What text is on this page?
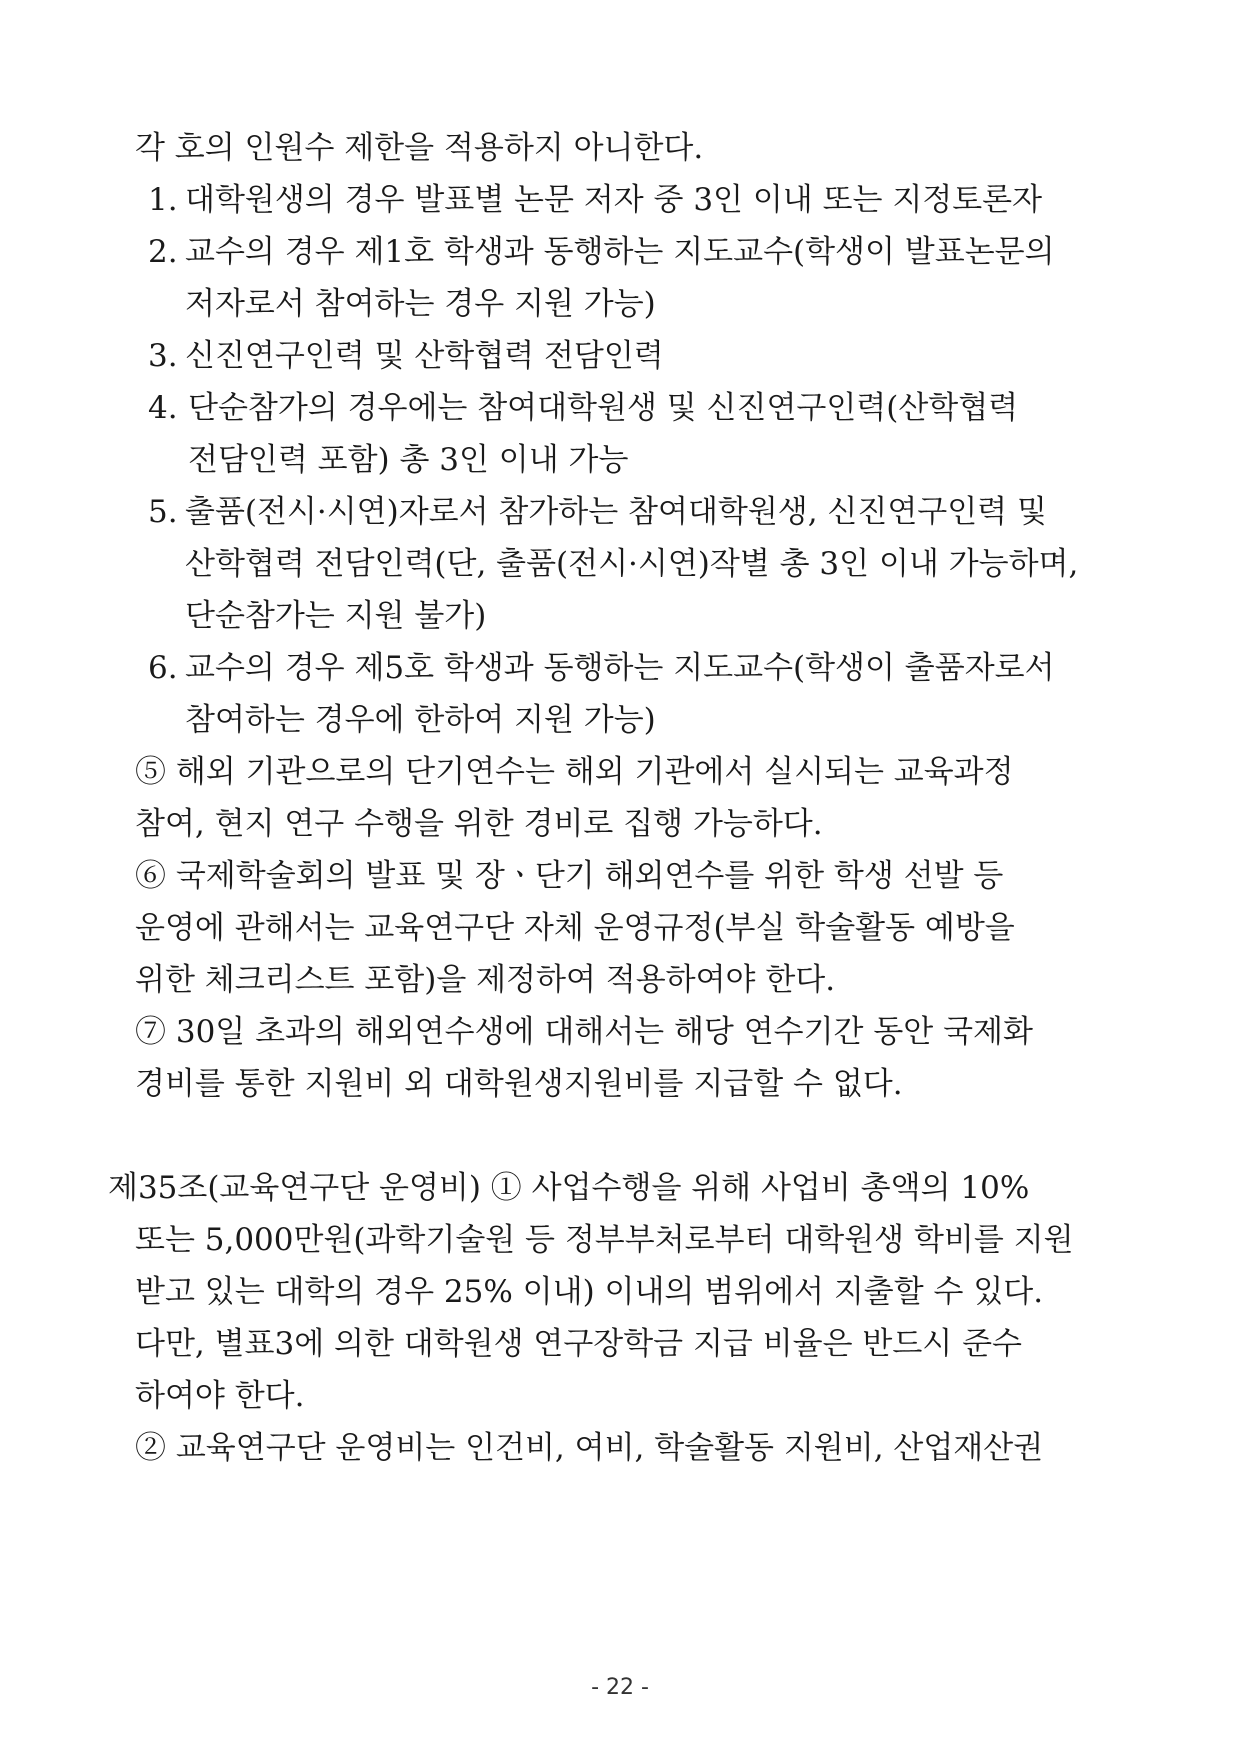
각 호의 인원수 제한을 적용하지 아니한다.
1. 대학원생의 경우 발표별 논문 저자 중 3인 이내 또는 지정토론자
2. 교수의 경우 제1호 학생과 동행하는 지도교수(학생이 발표논문의
저자로서 참여하는 경우 지원 가능)
3. 신진연구인력 및 산학협력 전담인력
4. 단순참가의 경우에는 참여대학원생 및 신진연구인력(산학협력
전담인력 포함) 총 3인 이내 가능
5. 출품(전시·시연)자로서 참가하는 참여대학원생, 신진연구인력 및
산학협력 전담인력(단, 출품(전시·시연)작별 총 3인 이내 가능하며,
단순참가는 지원 불가)
6. 교수의 경우 제5호 학생과 동행하는 지도교수(학생이 출품자로서
참여하는 경우에 한하여 지원 가능)
⑤ 해외 기관으로의 단기연수는 해외 기관에서 실시되는 교육과정
참여, 현지 연구 수행을 위한 경비로 집행 가능하다.
⑥ 국제학술회의 발표 및 장ㆍ단기 해외연수를 위한 학생 선발 등
운영에 관해서는 교육연구단 자체 운영규정(부실 학술활동 예방을
위한 체크리스트 포함)을 제정하여 적용하여야 한다.
⑦ 30일 초과의 해외연수생에 대해서는 해당 연수기간 동안 국제화
경비를 통한 지원비 외 대학원생지원비를 지급할 수 없다.
제35조(교육연구단 운영비) ① 사업수행을 위해 사업비 총액의 10%
또는 5,000만원(과학기술원 등 정부부처로부터 대학원생 학비를 지원
받고 있는 대학의 경우 25% 이내) 이내의 범위에서 지출할 수 있다.
다만, 별표3에 의한 대학원생 연구장학금 지급 비율은 반드시 준수
하여야 한다.
② 교육연구단 운영비는 인건비, 여비, 학술활동 지원비, 산업재산권
- 22 -
